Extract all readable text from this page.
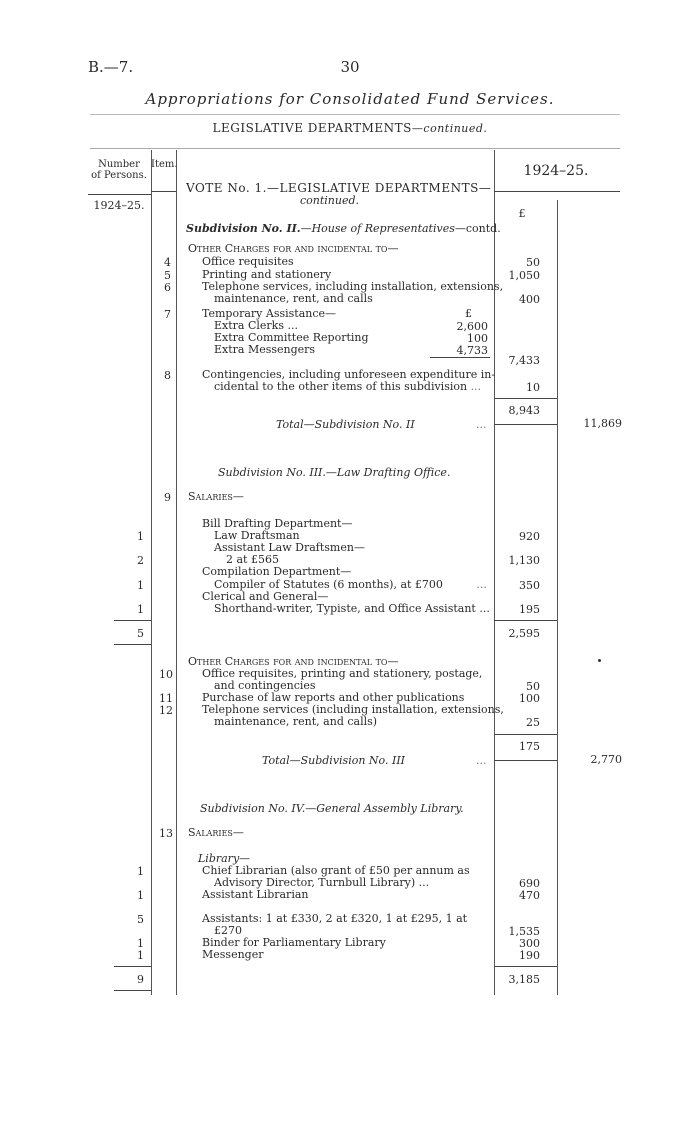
B.—7.	30
Appropriations for Consolidated Fund Services.
LEGISLATIVE DEPARTMENTS—continued.
Number
of Persons.
Item.
1924–25.
1924–25.
£
VOTE No. 1.—LEGISLATIVE DEPARTMENTS—
continued.
Subdivision No. II.—House of Representatives—contd.
Other Charges for and incidental to—
4	Office requisites	50
5	Printing and stationery	1,050
6	Telephone services, including installation, extensions,
maintenance, rent, and calls	400
7	Temporary Assistance—	£
Extra Clerks ...	2,600
Extra Committee Reporting	100
Extra Messengers	4,733
7,433
8	Contingencies, including unforeseen expenditure in-
cidental to the other items of this subdivision ...	10
8,943
Total—Subdivision No. II	...	11,869
Subdivision No. III.—Law Drafting Office.
9 Salaries—
Bill Drafting Department—
1	Law Draftsman	920
Assistant Law Draftsmen—
2	2 at £565	1,130
Compilation Department—
1	Compiler of Statutes (6 months), at £700	...	350
Clerical and General—
1	Shorthand-writer, Typiste, and Office Assistant ...	195
5	2,595
Other Charges for and incidental to—
10	Office requisites, printing and stationery, postage,
and contingencies	50
11	Purchase of law reports and other publications	100
12	Telephone services (including installation, extensions,
maintenance, rent, and calls)	25
175
Total—Subdivision No. III	...	2,770
Subdivision No. IV.—General Assembly Library.
13 Salaries—
Library—
1	Chief Librarian (also grant of £50 per annum as
Advisory Director, Turnbull Library) ...	690
1	Assistant Librarian	470
5	Assistants: 1 at £330, 2 at £320, 1 at £295, 1 at
£270	1,535
1	Binder for Parliamentary Library	300
1	Messenger	190
9	3,185
